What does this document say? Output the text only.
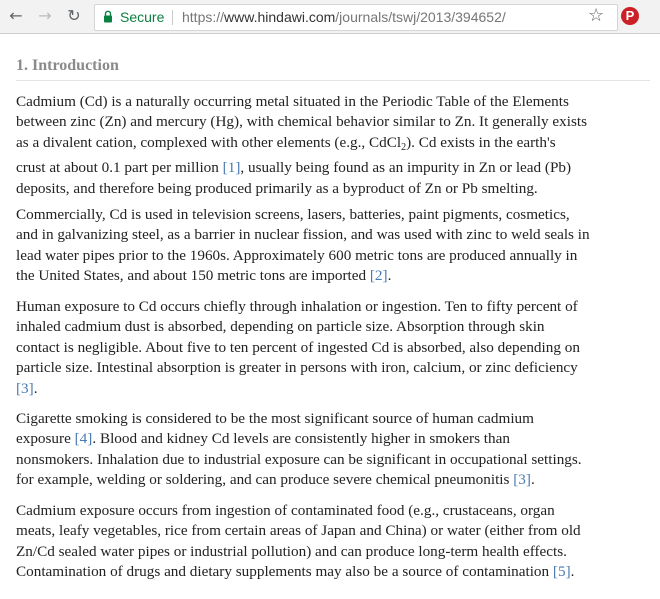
← → ↻	Secure https://www.hindawi.com/journals/tswj/2013/394652/	☆	P
1. Introduction
Cadmium (Cd) is a naturally occurring metal situated in the Periodic Table of the Elements
between zinc (Zn) and mercury (Hg), with chemical behavior similar to Zn. It generally exists
as a divalent cation, complexed with other elements (e.g., CdCl$_2$). Cd exists in the earth's
crust at about 0.1 part per million [1], usually being found as an impurity in Zn or lead (Pb)
deposits, and therefore being produced primarily as a byproduct of Zn or Pb smelting.
Commercially, Cd is used in television screens, lasers, batteries, paint pigments, cosmetics,
and in galvanizing steel, as a barrier in nuclear fission, and was used with zinc to weld seals in
lead water pipes prior to the 1960s. Approximately 600 metric tons are produced annually in
the United States, and about 150 metric tons are imported [2].
Human exposure to Cd occurs chiefly through inhalation or ingestion. Ten to fifty percent of
inhaled cadmium dust is absorbed, depending on particle size. Absorption through skin
contact is negligible. About five to ten percent of ingested Cd is absorbed, also depending on
particle size. Intestinal absorption is greater in persons with iron, calcium, or zinc deficiency
[3].
Cigarette smoking is considered to be the most significant source of human cadmium
exposure [4]. Blood and kidney Cd levels are consistently higher in smokers than
nonsmokers. Inhalation due to industrial exposure can be significant in occupational settings.
for example, welding or soldering, and can produce severe chemical pneumonitis [3].
Cadmium exposure occurs from ingestion of contaminated food (e.g., crustaceans, organ
meats, leafy vegetables, rice from certain areas of Japan and China) or water (either from old
Zn/Cd sealed water pipes or industrial pollution) and can produce long-term health effects.
Contamination of drugs and dietary supplements may also be a source of contamination [5].
